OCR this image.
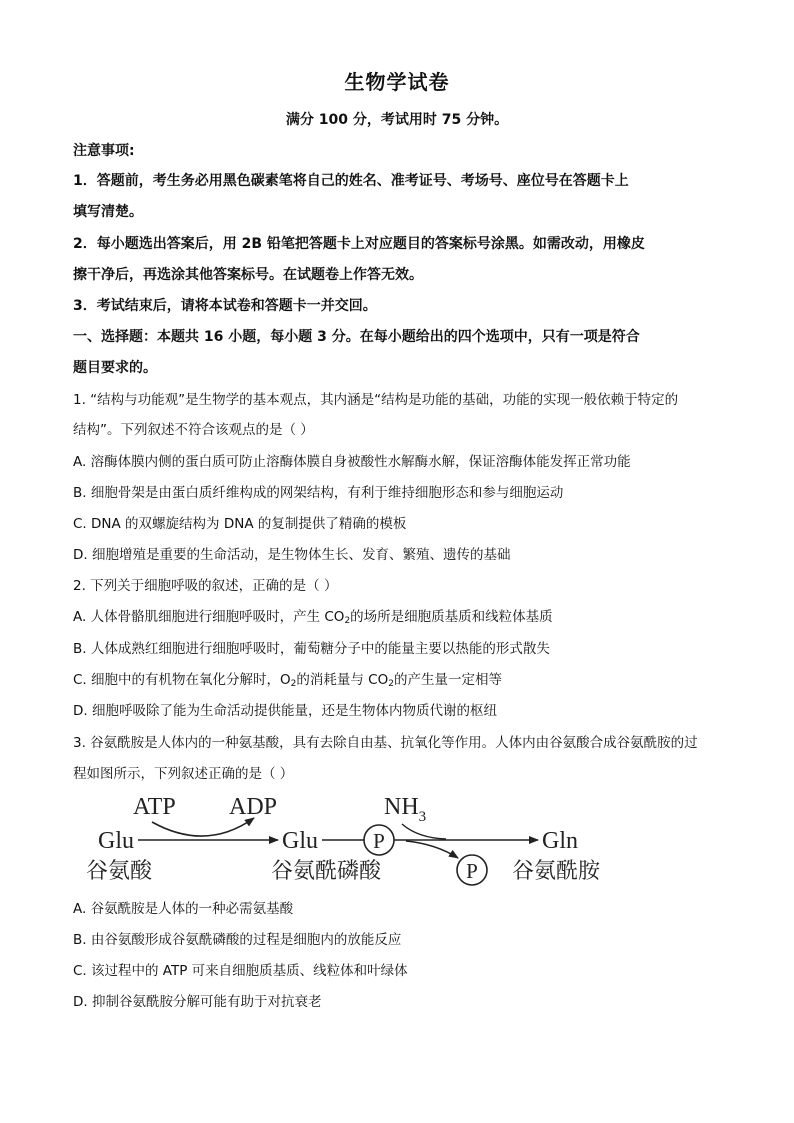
生物学试卷
满分 100 分，考试用时 75 分钟。
注意事项:
1．答题前，考生务必用黑色碳素笔将自己的姓名、准考证号、考场号、座位号在答题卡上
填写清楚。
2．每小题选出答案后，用 2B 铅笔把答题卡上对应题目的答案标号涂黑。如需改动，用橡皮
擦干净后，再选涂其他答案标号。在试题卷上作答无效。
3．考试结束后，请将本试卷和答题卡一并交回。
一、选择题：本题共 16 小题，每小题 3 分。在每小题给出的四个选项中，只有一项是符合
题目要求的。
1. “结构与功能观”是生物学的基本观点，其内涵是“结构是功能的基础，功能的实现一般依赖于特定的
结构”。下列叙述不符合该观点的是（ ）
A. 溶酶体膜内侧的蛋白质可防止溶酶体膜自身被酸性水解酶水解，保证溶酶体能发挥正常功能
B. 细胞骨架是由蛋白质纤维构成的网架结构，有利于维持细胞形态和参与细胞运动
C. DNA 的双螺旋结构为 DNA 的复制提供了精确的模板
D. 细胞增殖是重要的生命活动，是生物体生长、发育、繁殖、遗传的基础
2. 下列关于细胞呼吸的叙述，正确的是（ ）
A. 人体骨骼肌细胞进行细胞呼吸时，产生 $CO_2$的场所是细胞质基质和线粒体基质
B. 人体成熟红细胞进行细胞呼吸时，葡萄糖分子中的能量主要以热能的形式散失
C. 细胞中的有机物在氧化分解时，$O_2$的消耗量与 $CO_2$的产生量一定相等
D. 细胞呼吸除了能为生命活动提供能量，还是生物体内物质代谢的枢纽
3. 谷氨酰胺是人体内的一种氨基酸，具有去除自由基、抗氧化等作用。人体内由谷氨酸合成谷氨酰胺的过
程如图所示，下列叙述正确的是（ ）
ATP ADP	$NH_3$
Glu	Glu	Gln
P
P
谷氨酸	谷氨酰磷酸	谷氨酰胺
A. 谷氨酰胺是人体的一种必需氨基酸
B. 由谷氨酸形成谷氨酰磷酸的过程是细胞内的放能反应
C. 该过程中的 ATP 可来自细胞质基质、线粒体和叶绿体
D. 抑制谷氨酰胺分解可能有助于对抗衰老
